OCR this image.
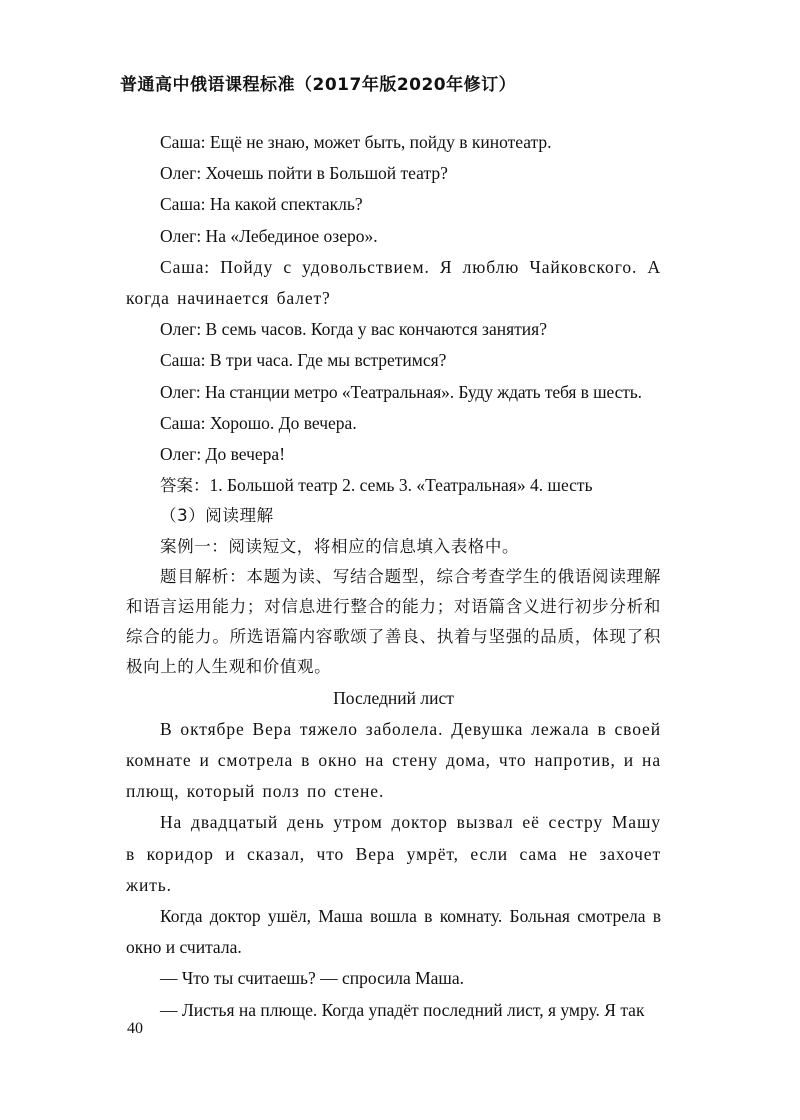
普通高中俄语课程标准（2017年版2020年修订）

Саша: Ещё не знаю, может быть, пойду в кинотеатр.

Олег: Хочешь пойти в Большой театр?

Саша: На какой спектакль?

Олег: На «Лебединое озеро».

Саша: Пойду с удовольствием. Я люблю Чайковского. А когда начинается балет?

Олег: В семь часов. Когда у вас кончаются занятия?

Саша: В три часа. Где мы встретимся?

Олег: На станции метро «Театральная». Буду ждать тебя в шесть.

Саша: Хорошо. До вечера.

Олег: До вечера!

答案：1. Большой театр 2. семь 3. «Театральная» 4. шесть

（3）阅读理解

案例一：阅读短文，将相应的信息填入表格中。

题目解析：本题为读、写结合题型，综合考查学生的俄语阅读理解和语言运用能力；对信息进行整合的能力；对语篇含义进行初步分析和综合的能力。所选语篇内容歌颂了善良、执着与坚强的品质，体现了积极向上的人生观和价值观。

Последний лист

В октябре Вера тяжело заболела. Девушка лежала в своей комнате и смотрела в окно на стену дома, что напротив, и на плющ, который полз по стене.

На двадцатый день утром доктор вызвал её сестру Машу в коридор и сказал, что Вера умрёт, если сама не захочет жить.

Когда доктор ушёл, Маша вошла в комнату. Больная смотрела в окно и считала.

— Что ты считаешь? — спросила Маша.

— Листья на плюще. Когда упадёт последний лист, я умру. Я так

40
